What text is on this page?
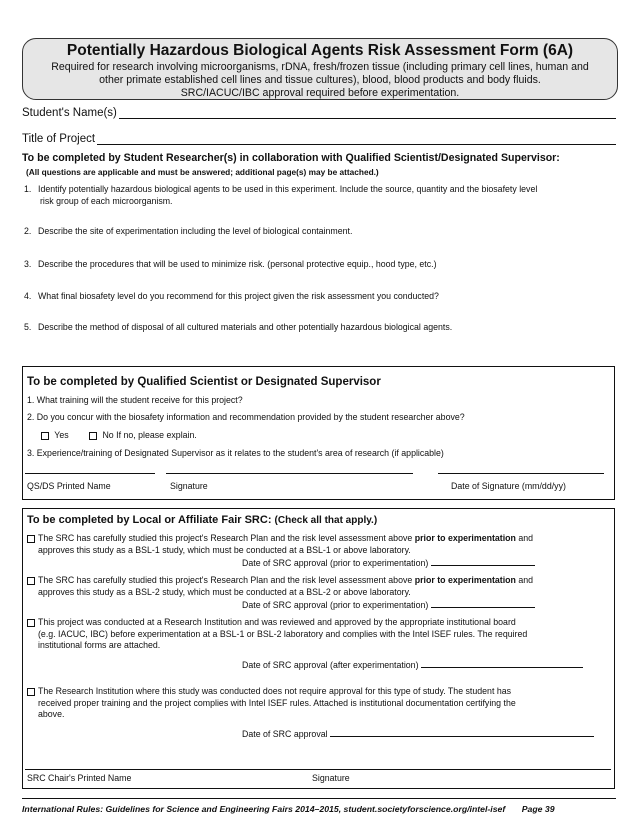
Potentially Hazardous Biological Agents Risk Assessment Form (6A)
Required for research involving microorganisms, rDNA, fresh/frozen tissue (including primary cell lines, human and
other primate established cell lines and tissue cultures), blood, blood products and body fluids.
SRC/IACUC/IBC approval required before experimentation.
Student's Name(s)
Title of Project
To be completed by Student Researcher(s) in collaboration with Qualified Scientist/Designated Supervisor:
(All questions are applicable and must be answered; additional page(s) may be attached.)
1. Identify potentially hazardous biological agents to be used in this experiment. Include the source, quantity and the biosafety level
risk group of each microorganism.
2. Describe the site of experimentation including the level of biological containment.
3. Describe the procedures that will be used to minimize risk. (personal protective equip., hood type, etc.)
4. What final biosafety level do you recommend for this project given the risk assessment you conducted?
5. Describe the method of disposal of all cultured materials and other potentially hazardous biological agents.
To be completed by Qualified Scientist or Designated Supervisor
1. What training will the student receive for this project?
2. Do you concur with the biosafety information and recommendation provided by the student researcher above?
Yes	No If no, please explain.
3. Experience/training of Designated Supervisor as it relates to the student's area of research (if applicable)
QS/DS Printed Name	Signature	Date of Signature (mm/dd/yy)
To be completed by Local or Affiliate Fair SRC: (Check all that apply.)
The SRC has carefully studied this project's Research Plan and the risk level assessment above prior to experimentation and
approves this study as a BSL-1 study, which must be conducted at a BSL-1 or above laboratory.
Date of SRC approval (prior to experimentation)
The SRC has carefully studied this project's Research Plan and the risk level assessment above prior to experimentation and
approves this study as a BSL-2 study, which must be conducted at a BSL-2 or above laboratory.
Date of SRC approval (prior to experimentation)
This project was conducted at a Research Institution and was reviewed and approved by the appropriate institutional board
(e.g. IACUC, IBC) before experimentation at a BSL-1 or BSL-2 laboratory and complies with the Intel ISEF rules. The required
institutional forms are attached.
Date of SRC approval (after experimentation)
The Research Institution where this study was conducted does not require approval for this type of study. The student has
received proper training and the project complies with Intel ISEF rules. Attached is institutional documentation certifying the
above.
Date of SRC approval
SRC Chair's Printed Name	Signature
International Rules: Guidelines for Science and Engineering Fairs 2014–2015, student.societyforscience.org/intel-isef Page 39
